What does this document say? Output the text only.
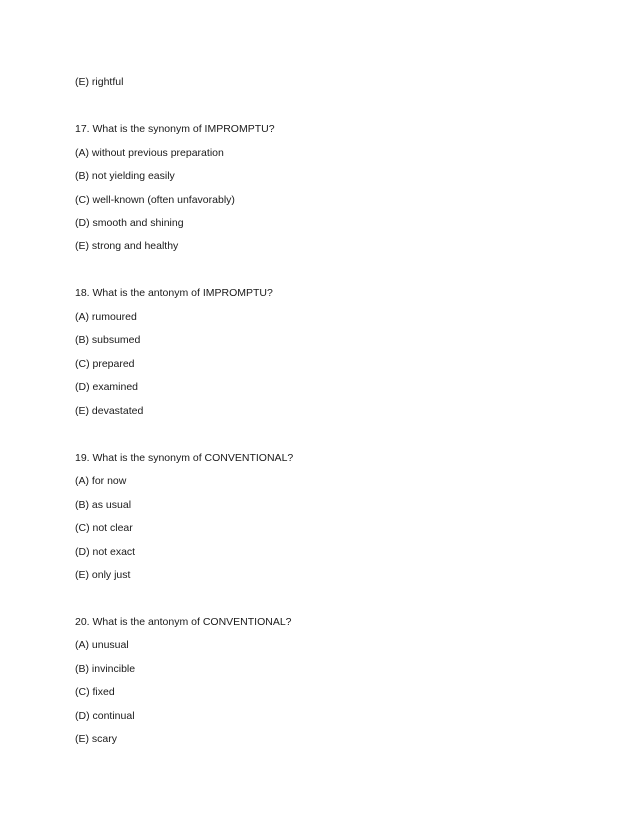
(E) rightful
17. What is the synonym of IMPROMPTU?
(A) without previous preparation
(B) not yielding easily
(C) well-known (often unfavorably)
(D) smooth and shining
(E) strong and healthy
18. What is the antonym of IMPROMPTU?
(A) rumoured
(B) subsumed
(C) prepared
(D) examined
(E) devastated
19. What is the synonym of CONVENTIONAL?
(A) for now
(B) as usual
(C) not clear
(D) not exact
(E) only just
20. What is the antonym of CONVENTIONAL?
(A) unusual
(B) invincible
(C) fixed
(D) continual
(E) scary
